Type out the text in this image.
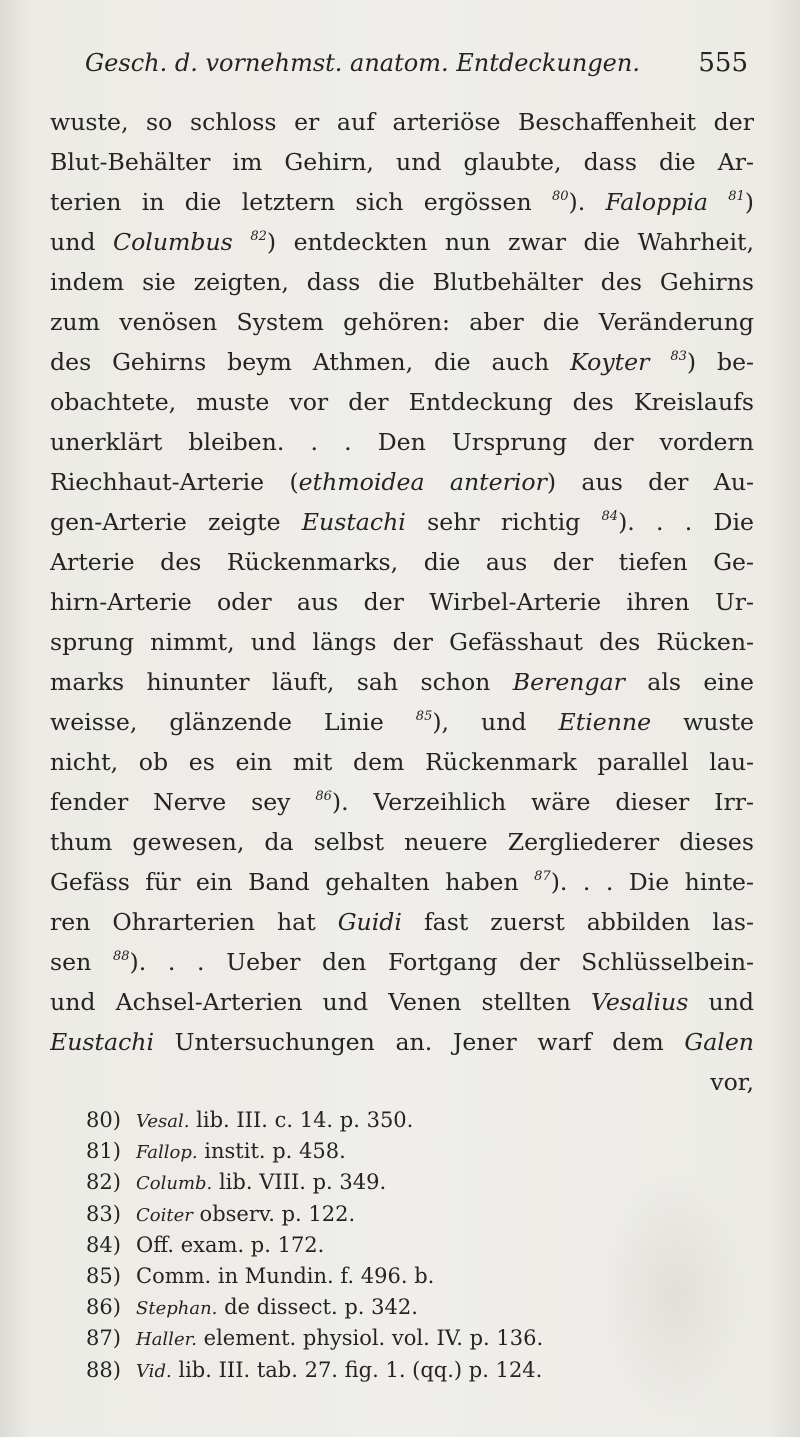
Gesch. d. vornehmst. anatom. Entdeckungen. 555
wuste, so schloss er auf arteriöse Beschaffenheit der
Blut-Behälter im Gehirn, und glaubte, dass die Ar-
terien in die letztern sich ergössen $^{80}$). Faloppia $^{81}$)
und Columbus $^{82}$) entdeckten nun zwar die Wahrheit,
indem sie zeigten, dass die Blutbehälter des Gehirns
zum venösen System gehören: aber die Veränderung
des Gehirns beym Athmen, die auch Koyter $^{83}$) be-
obachtete, muste vor der Entdeckung des Kreislaufs
unerklärt bleiben. . . Den Ursprung der vordern
Riechhaut-Arterie (ethmoidea anterior) aus der Au-
gen-Arterie zeigte Eustachi sehr richtig $^{84}$). . . Die
Arterie des Rückenmarks, die aus der tiefen Ge-
hirn-Arterie oder aus der Wirbel-Arterie ihren Ur-
sprung nimmt, und längs der Gefässhaut des Rücken-
marks hinunter läuft, sah schon Berengar als eine
weisse, glänzende Linie $^{85}$), und Etienne wuste
nicht, ob es ein mit dem Rückenmark parallel lau-
fender Nerve sey $^{86}$). Verzeihlich wäre dieser Irr-
thum gewesen, da selbst neuere Zergliederer dieses
Gefäss für ein Band gehalten haben $^{87}$). . . Die hinte-
ren Ohrarterien hat Guidi fast zuerst abbilden las-
sen $^{88}$). . . Ueber den Fortgang der Schlüsselbein-
und Achsel-Arterien und Venen stellten Vesalius und
Eustachi Untersuchungen an. Jener warf dem Galen
vor,
80) Vesal. lib. III. c. 14. p. 350.
81) Fallop. instit. p. 458.
82) Columb. lib. VIII. p. 349.
83) Coiter observ. p. 122.
84) Off. exam. p. 172.
85) Comm. in Mundin. f. 496. b.
86) Stephan. de dissect. p. 342.
87) Haller. element. physiol. vol. IV. p. 136.
88) Vid. lib. III. tab. 27. fig. 1. (qq.) p. 124.
